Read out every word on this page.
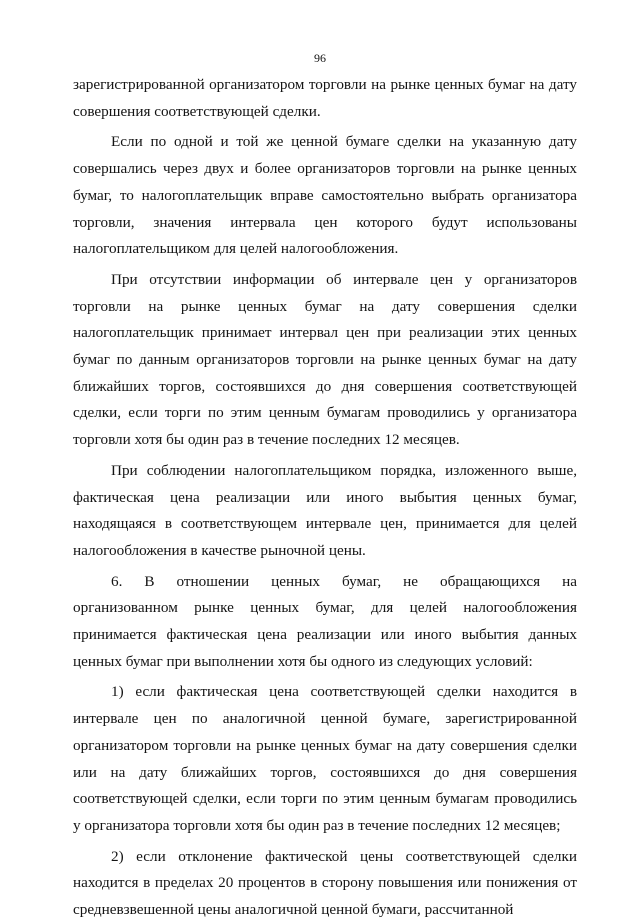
96

зарегистрированной организатором торговли на рынке ценных бумаг на дату
совершения соответствующей сделки.

Если по одной и той же ценной бумаге сделки на указанную дату
совершались через двух и более организаторов торговли на рынке ценных
бумаг, то налогоплательщик вправе самостоятельно выбрать организатора
торговли, значения интервала цен которого будут использованы
налогоплательщиком для целей налогообложения.

При отсутствии информации об интервале цен у организаторов
торговли на рынке ценных бумаг на дату совершения сделки
налогоплательщик принимает интервал цен при реализации этих ценных
бумаг по данным организаторов торговли на рынке ценных бумаг на дату
ближайших торгов, состоявшихся до дня совершения соответствующей
сделки, если торги по этим ценным бумагам проводились у организатора
торговли хотя бы один раз в течение последних 12 месяцев.

При соблюдении налогоплательщиком порядка, изложенного выше,
фактическая цена реализации или иного выбытия ценных бумаг,
находящаяся в соответствующем интервале цен, принимается для целей
налогообложения в качестве рыночной цены.

6. В отношении ценных бумаг, не обращающихся на
организованном рынке ценных бумаг, для целей налогообложения
принимается фактическая цена реализации или иного выбытия данных
ценных бумаг при выполнении хотя бы одного из следующих условий:

1) если фактическая цена соответствующей сделки находится в
интервале цен по аналогичной ценной бумаге, зарегистрированной
организатором торговли на рынке ценных бумаг на дату совершения сделки
или на дату ближайших торгов, состоявшихся до дня совершения
соответствующей сделки, если торги по этим ценным бумагам проводились
у организатора торговли хотя бы один раз в течение последних 12 месяцев;

2) если отклонение фактической цены соответствующей сделки
находится в пределах 20 процентов в сторону повышения или понижения от
средневзвешенной цены аналогичной ценной бумаги, рассчитанной
